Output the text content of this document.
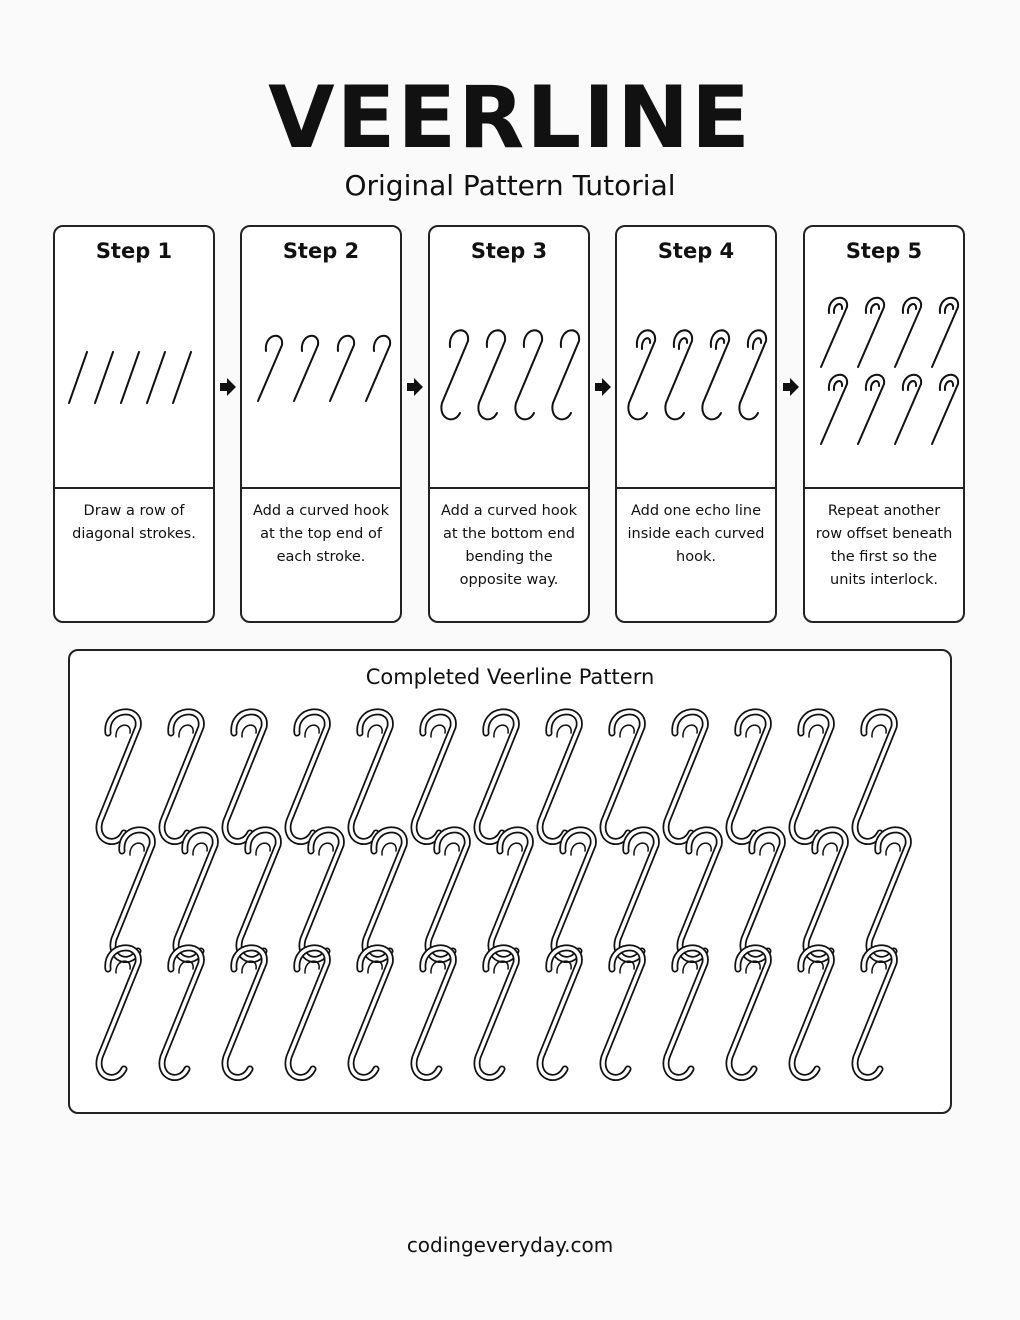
VEERLINE
Original Pattern Tutorial
Step 1
Draw a row of diagonal strokes.
Step 2
Add a curved hook at the top end of each stroke.
Step 3
Add a curved hook at the bottom end bending the opposite way.
Step 4
Add one echo line inside each curved hook.
Step 5
Repeat another row offset beneath the first so the units interlock.
Completed Veerline Pattern
codingeveryday.com
